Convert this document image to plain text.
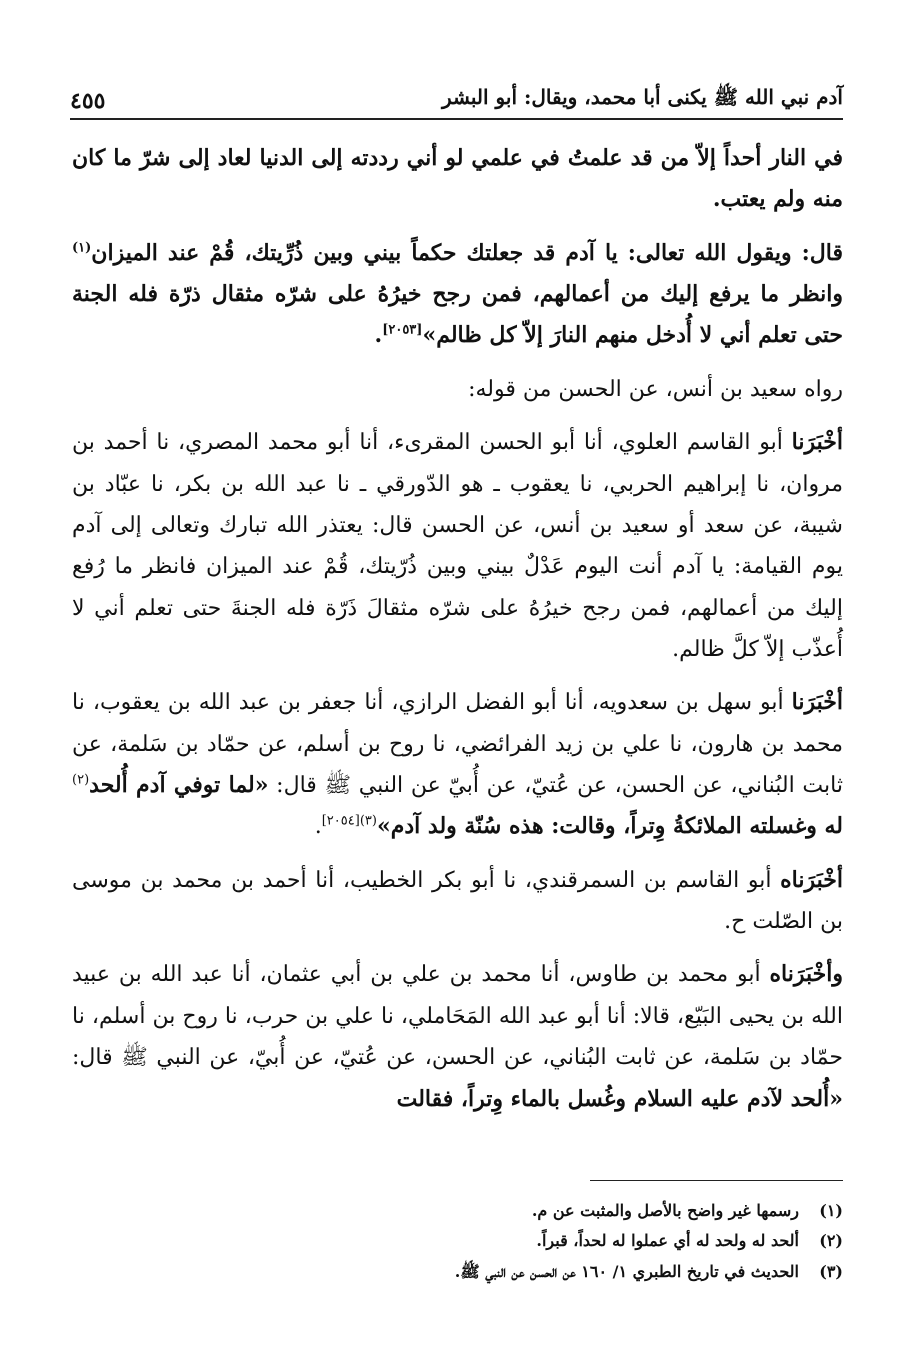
٤٥٥	آدم نبي الله ﷺ يكنى أبا محمد، ويقال: أبو البشر

في النار أحداً إلاّ من قد علمتُ في علمي لو أني رددته إلى الدنيا لعاد إلى شرّ ما كان منه ولم يعتب.

قال: ويقول الله تعالى: يا آدم قد جعلتك حكماً بيني وبين ذُرِّيتك، قُمْ عند الميزان$^{(١)}$ وانظر ما يرفع إليك من أعمالهم، فمن رجح خيرُهُ على شرّه مثقال ذرّة فله الجنة حتى تعلم أني لا أُدخل منهم النارَ إلاّ كل ظالم»[٢٠٥٣].

رواه سعيد بن أنس، عن الحسن من قوله:

أخْبَرَنا أبو القاسم العلوي، أنا أبو الحسن المقرىء، أنا أبو محمد المصري، نا أحمد بن مروان، نا إبراهيم الحربي، نا يعقوب ـ هو الدّورقي ـ نا عبد الله بن بكر، نا عبّاد بن شيبة، عن سعد أو سعيد بن أنس، عن الحسن قال: يعتذر الله تبارك وتعالى إلى آدم يوم القيامة: يا آدم أنت اليوم عَدْلٌ بيني وبين ذُرّيتك، قُمْ عند الميزان فانظر ما رُفع إليك من أعمالهم، فمن رجح خيرُهُ على شرّه مثقالَ ذَرّة فله الجنةَ حتى تعلم أني لا أُعذّب إلاّ كلَّ ظالم.

أخْبَرَنا أبو سهل بن سعدويه، أنا أبو الفضل الرازي، أنا جعفر بن عبد الله بن يعقوب، نا محمد بن هارون، نا علي بن زيد الفرائضي، نا روح بن أسلم، عن حمّاد بن سَلمة، عن ثابت البُناني، عن الحسن، عن عُتيّ، عن أُبيّ عن النبي ﷺ قال: «لما توفي آدم أُلحد$^{(٢)}$ له وغسلته الملائكةُ وِتراً، وقالت: هذه سُنّة ولد آدم»$^{(٣)[٢٠٥٤]}$.

أخْبَرَناه أبو القاسم بن السمرقندي، نا أبو بكر الخطيب، أنا أحمد بن محمد بن موسى بن الصّلت ح.

وأخْبَرَناه أبو محمد بن طاوس، أنا محمد بن علي بن أبي عثمان، أنا عبد الله بن عبيد الله بن يحيى البَيّع، قالا: أنا أبو عبد الله المَحَاملي، نا علي بن حرب، نا روح بن أسلم، نا حمّاد بن سَلمة، عن ثابت البُناني، عن الحسن، عن عُتيّ، عن أُبيّ، عن النبي ﷺ قال: «أُلحد لآدم عليه السلام وغُسل بالماء وِتراً، فقالت

(١)
رسمها غير واضح بالأصل والمثبت عن م.
(٢)
ألحد له ولحد له أي عملوا له لحداً، قبراً.
(٣)
الحديث في تاريخ الطبري ١/ ١٦٠ عن الحسن عن النبي ﷺ.
